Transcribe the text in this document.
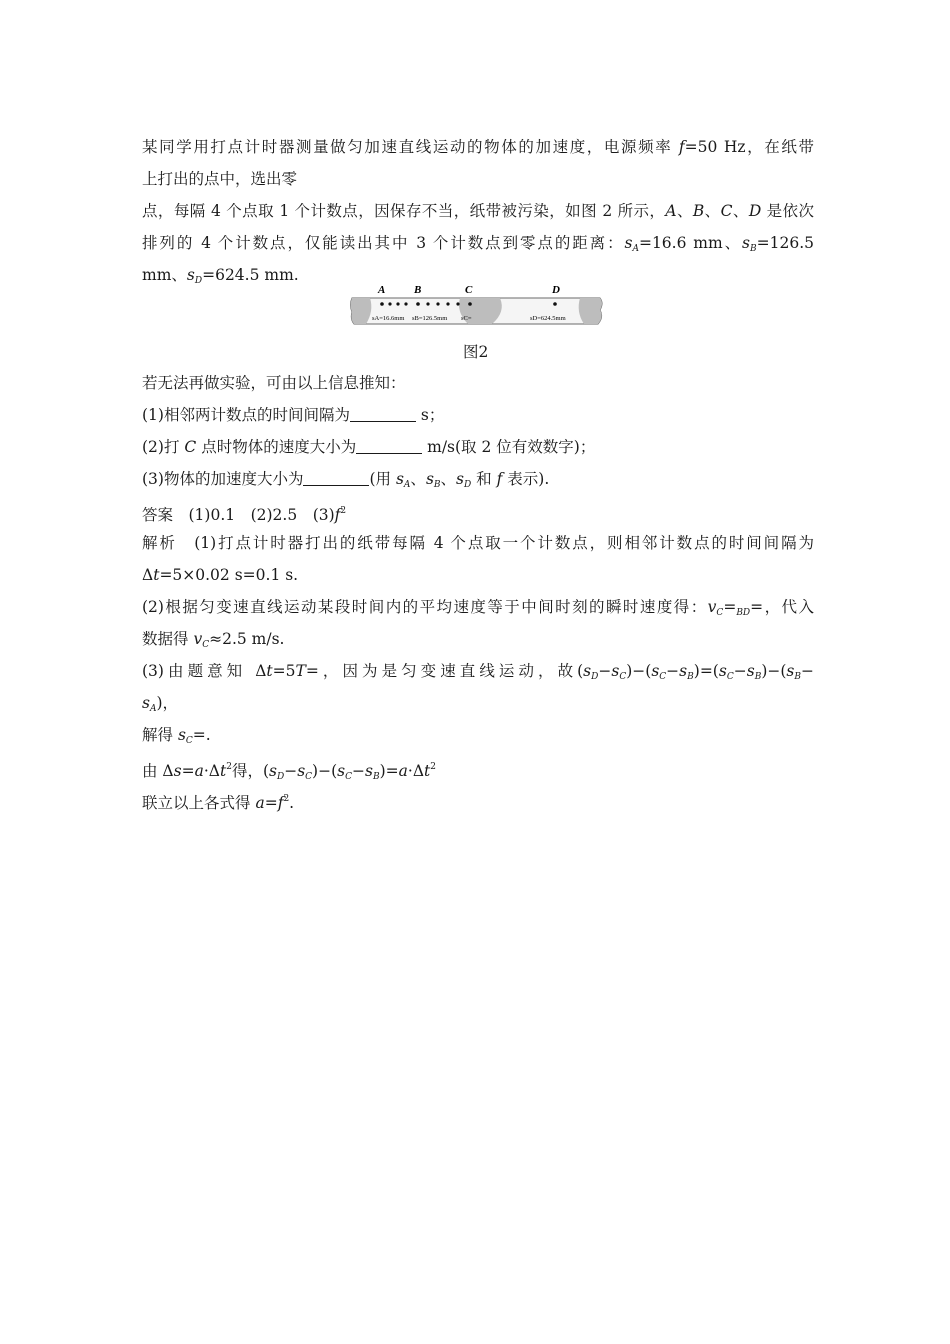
某同学用打点计时器测量做匀加速直线运动的物体的加速度，电源频率 f=50 Hz，在纸带
上打出的点中，选出零
点，每隔 4 个点取 1 个计数点，因保存不当，纸带被污染，如图 2 所示，A、B、C、D 是依次
排列的 4 个计数点，仅能读出其中 3 个计数点到零点的距离：$s_A=16.6$ mm、$s_B=126.5$
mm、$s_D=624.5$ mm.
A	B	C	D
sA=16.6mm sB=126.5mm sC=	sD=624.5mm
图2
若无法再做实验，可由以上信息推知：
(1)相邻两计数点的时间间隔为	s；
(2)打 C 点时物体的速度大小为	m/s(取 2 位有效数字)；
(3)物体的加速度大小为	(用 $s_A$、$s_B$、$s_D$ 和 f 表示).
答案　(1)0.1　(2)2.5　$(3)f^2$
解析　(1)打点计时器打出的纸带每隔 4 个点取一个计数点，则相邻计数点的时间间隔为
Δt=5×0.02 s=0.1 s.
(2)根据匀变速直线运动某段时间内的平均速度等于中间时刻的瞬时速度得：$v_C=_{BD}=$，代入
数据得 $v_C\approx 2.5$ m/s.
(3)由题意知 Δt=5T=，因为是匀变速直线运动，故$(s_D-s_C)-(s_C-s_B)=(s_C-s_B)-(s_B-$
$s_A$)，
解得 $s_C=$.
由 $\Delta s=a\cdot\Delta t^2$得，$(s_D-s_C)-(s_C-s_B)=a\cdot\Delta t^2$
联立以上各式得 $a=f^2$.
